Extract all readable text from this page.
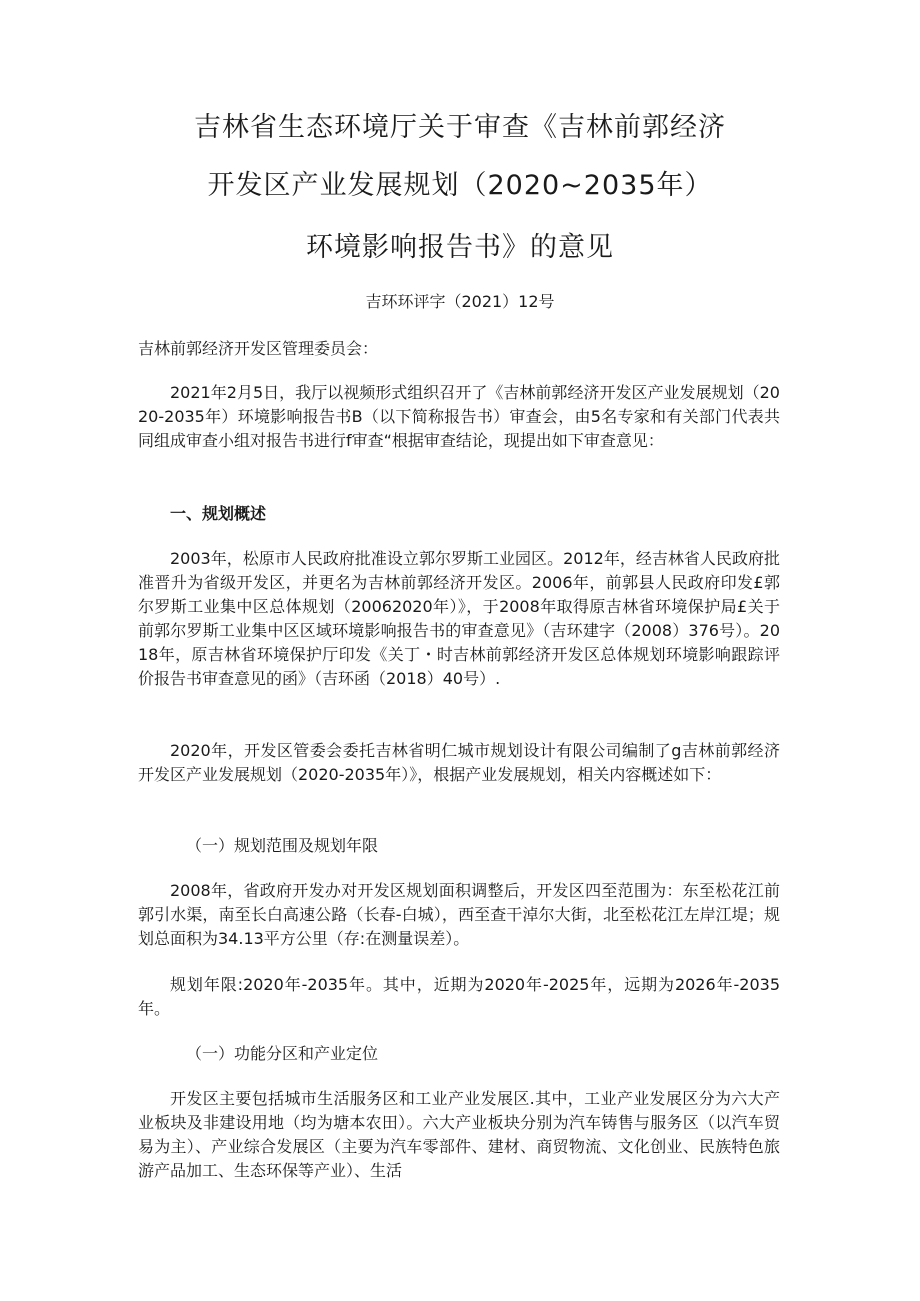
吉林省生态环境厅关于审查《吉林前郭经济
开发区产业发展规划（2020~2035年）
环境影响报告书》的意见
吉环环评字（2021）12号

吉林前郭经济开发区管理委员会：

2021年2月5日，我厅以视频形式组织召开了《吉林前郭经济开发区产业发展规划（2020-2035年）环境影响报告书B（以下简称报告书）审查会，由5名专家和有关部门代表共同组成审查小组对报告书进行f审查“根据审查结论，现提出如下审查意见：

一、规划概述

2003年，松原市人民政府批准设立郭尔罗斯工业园区。2012年，经吉林省人民政府批准晋升为省级开发区，并更名为吉林前郭经济开发区。2006年，前郭县人民政府印发£郭尔罗斯工业集中区总体规划（20062020年）》，于2008年取得原吉林省环境保护局£关于前郭尔罗斯工业集中区区域环境影响报告书的审查意见》（吉环建字（2008）376号）。2018年，原吉林省环境保护厅印发《关丁・时吉林前郭经济开发区总体规划环境影响跟踪评价报告书审查意见的函》（吉环函（2018）40号）.

2020年，开发区管委会委托吉林省明仁城市规划设计有限公司编制了g吉林前郭经济开发区产业发展规划（2020-2035年）》，根据产业发展规划，相关内容概述如下：

（一）规划范围及规划年限

2008年，省政府开发办对开发区规划面积调整后，开发区四至范围为：东至松花江前郭引水渠，南至长白高速公路（长春-白城），西至查干淖尔大街，北至松花江左岸江堤；规划总面积为34.13平方公里（存:在测量误差）。

规划年限:2020年-2035年。其中，近期为2020年-2025年，远期为2026年-2035年。

（一）功能分区和产业定位

开发区主要包括城市生活服务区和工业产业发展区.其中，工业产业发展区分为六大产业板块及非建设用地（均为塘本农田）。六大产业板块分别为汽车铸售与服务区（以汽车贸易为主）、产业综合发展区（主要为汽车零部件、建材、商贸物流、文化创业、民族特色旅游产品加工、生态环保等产业）、生活
